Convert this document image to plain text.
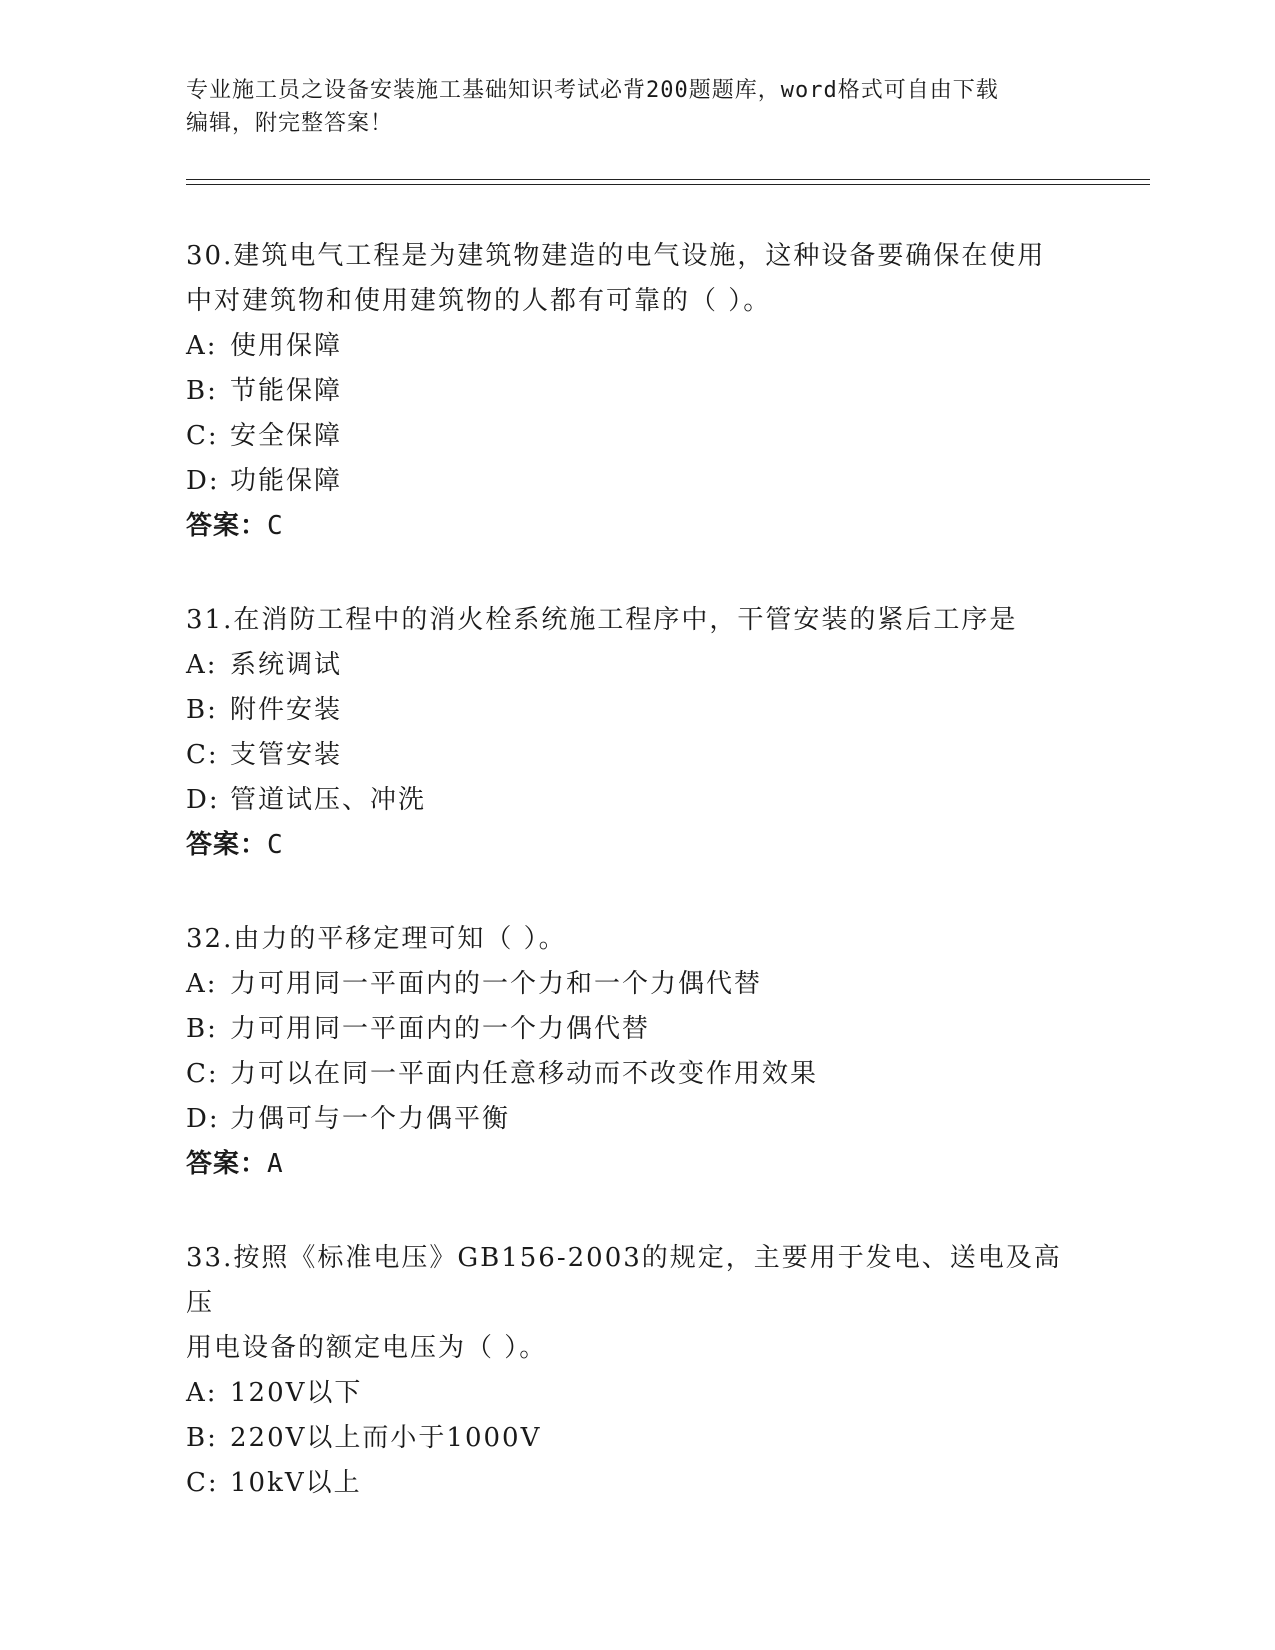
专业施工员之设备安装施工基础知识考试必背200题题库，word格式可自由下载
编辑，附完整答案！

30.建筑电气工程是为建筑物建造的电气设施，这种设备要确保在使用

中对建筑物和使用建筑物的人都有可靠的（ ）。

A: 使用保障

B: 节能保障

C: 安全保障

D: 功能保障

答案：C

31.在消防工程中的消火栓系统施工程序中，干管安装的紧后工序是

A: 系统调试

B: 附件安装

C: 支管安装

D: 管道试压、冲洗

答案：C

32.由力的平移定理可知（ ）。

A: 力可用同一平面内的一个力和一个力偶代替

B: 力可用同一平面内的一个力偶代替

C: 力可以在同一平面内任意移动而不改变作用效果

D: 力偶可与一个力偶平衡

答案：A

33.按照《标准电压》GB156-2003的规定，主要用于发电、送电及高压

用电设备的额定电压为（ ）。

A: 120V以下

B: 220V以上而小于1000V

C: 10kV以上
